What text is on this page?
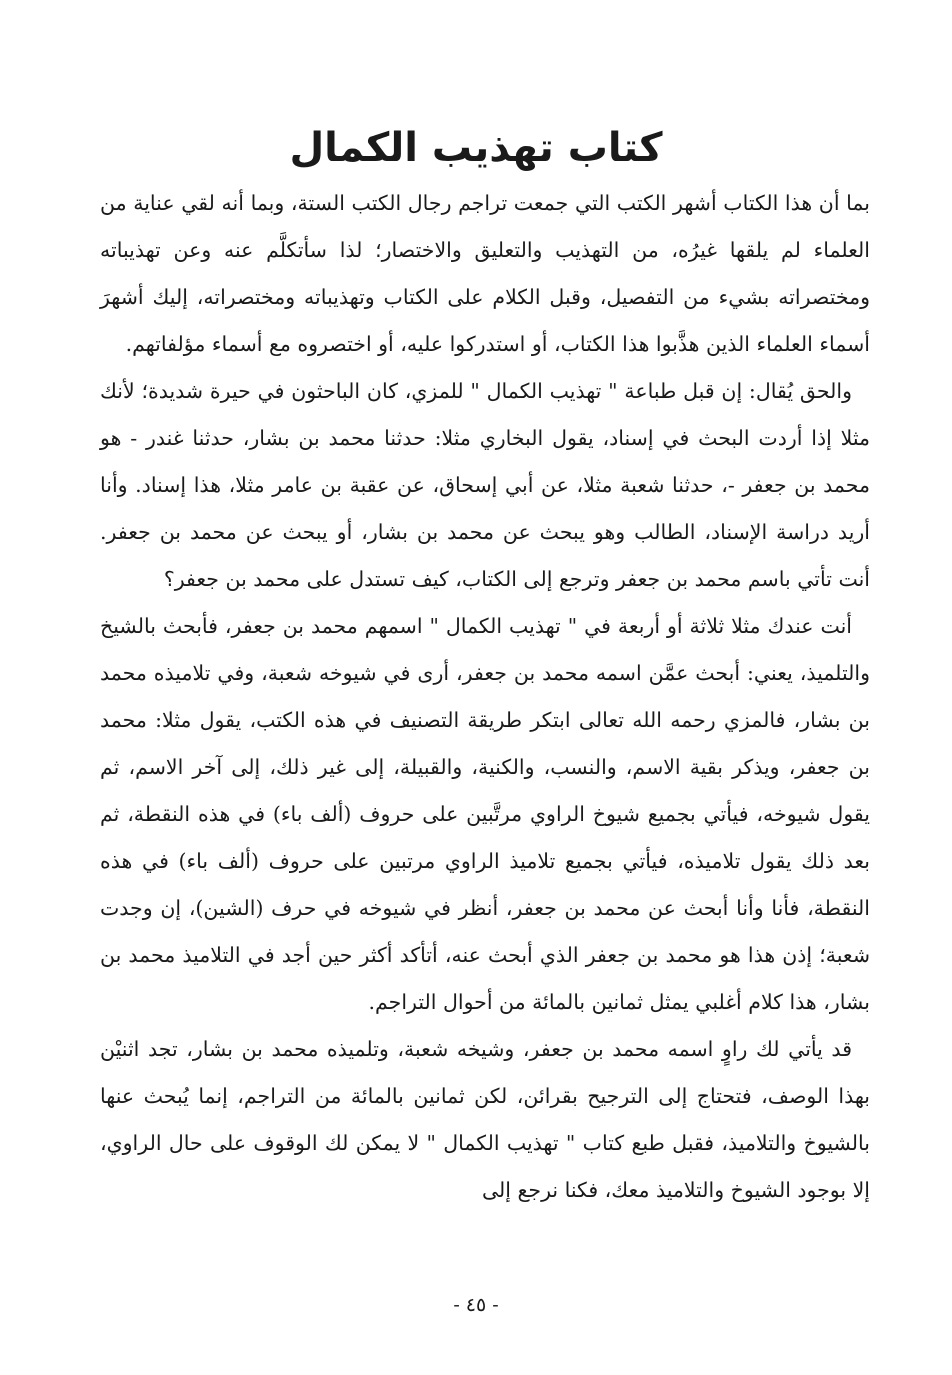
كتاب تهذيب الكمال

بما أن هذا الكتاب أشهر الكتب التي جمعت تراجم رجال الكتب الستة، وبما أنه لقي عناية من العلماء لم يلقها غيرُه، من التهذيب والتعليق والاختصار؛ لذا سأتكلَّم عنه وعن تهذيباته ومختصراته بشيء من التفصيل، وقبل الكلام على الكتاب وتهذيباته ومختصراته، إليك أشهرَ أسماء العلماء الذين هذَّبوا هذا الكتاب، أو استدركوا عليه، أو اختصروه مع أسماء مؤلفاتهم.

والحق يُقال: إن قبل طباعة " تهذيب الكمال " للمزي، كان الباحثون في حيرة شديدة؛ لأنك مثلا إذا أردت البحث في إسناد، يقول البخاري مثلا: حدثنا محمد بن بشار، حدثنا غندر - هو محمد بن جعفر -، حدثنا شعبة مثلا، عن أبي إسحاق، عن عقبة بن عامر مثلا، هذا إسناد. وأنا أريد دراسة الإسناد، الطالب وهو يبحث عن محمد بن بشار، أو يبحث عن محمد بن جعفر. أنت تأتي باسم محمد بن جعفر وترجع إلى الكتاب، كيف تستدل على محمد بن جعفر؟

أنت عندك مثلا ثلاثة أو أربعة في " تهذيب الكمال " اسمهم محمد بن جعفر، فأبحث بالشيخ والتلميذ، يعني: أبحث عمَّن اسمه محمد بن جعفر، أرى في شيوخه شعبة، وفي تلاميذه محمد بن بشار، فالمزي رحمه الله تعالى ابتكر طريقة التصنيف في هذه الكتب، يقول مثلا: محمد بن جعفر، ويذكر بقية الاسم، والنسب، والكنية، والقبيلة، إلى غير ذلك، إلى آخر الاسم، ثم يقول شيوخه، فيأتي بجميع شيوخ الراوي مرتَّبين على حروف (ألف باء) في هذه النقطة، ثم بعد ذلك يقول تلاميذه، فيأتي بجميع تلاميذ الراوي مرتبين على حروف (ألف باء) في هذه النقطة، فأنا وأنا أبحث عن محمد بن جعفر، أنظر في شيوخه في حرف (الشين)، إن وجدت شعبة؛ إذن هذا هو محمد بن جعفر الذي أبحث عنه، أتأكد أكثر حين أجد في التلاميذ محمد بن بشار، هذا كلام أغلبي يمثل ثمانين بالمائة من أحوال التراجم.

قد يأتي لك راوٍ اسمه محمد بن جعفر، وشيخه شعبة، وتلميذه محمد بن بشار، تجد اثنيْن بهذا الوصف، فتحتاج إلى الترجيح بقرائن، لكن ثمانين بالمائة من التراجم، إنما يُبحث عنها بالشيوخ والتلاميذ، فقبل طبع كتاب " تهذيب الكمال " لا يمكن لك الوقوف على حال الراوي، إلا بوجود الشيوخ والتلاميذ معك، فكنا نرجع إلى

- ٤٥ -
